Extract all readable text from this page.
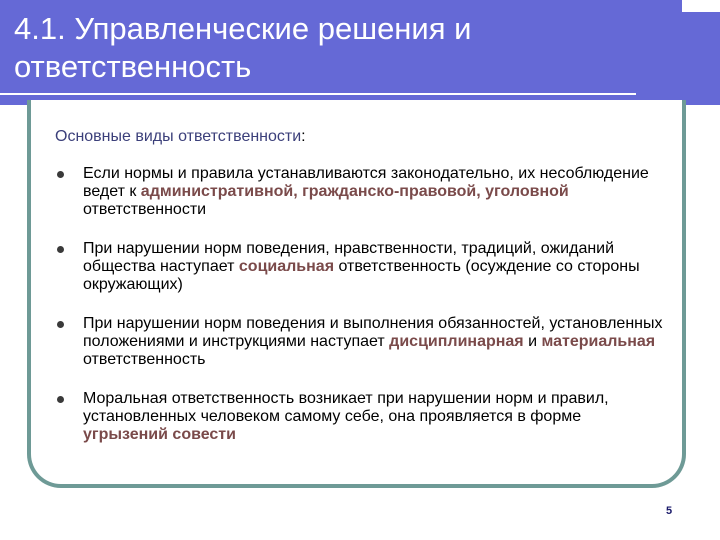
4.1. Управленческие решения и
ответственность

Основные виды ответственности:

Если нормы и правила устанавливаются законодательно, их несоблюдение ведет к административной, гражданско-правовой, уголовной ответственности
При нарушении норм поведения, нравственности, традиций, ожиданий общества наступает социальная ответственность (осуждение со стороны окружающих)
При нарушении норм поведения и выполнения обязанностей, установленных положениями и инструкциями наступает дисциплинарная и материальная ответственность
Моральная ответственность возникает при нарушении норм и правил, установленных человеком самому себе, она проявляется в форме угрызений совести
5
